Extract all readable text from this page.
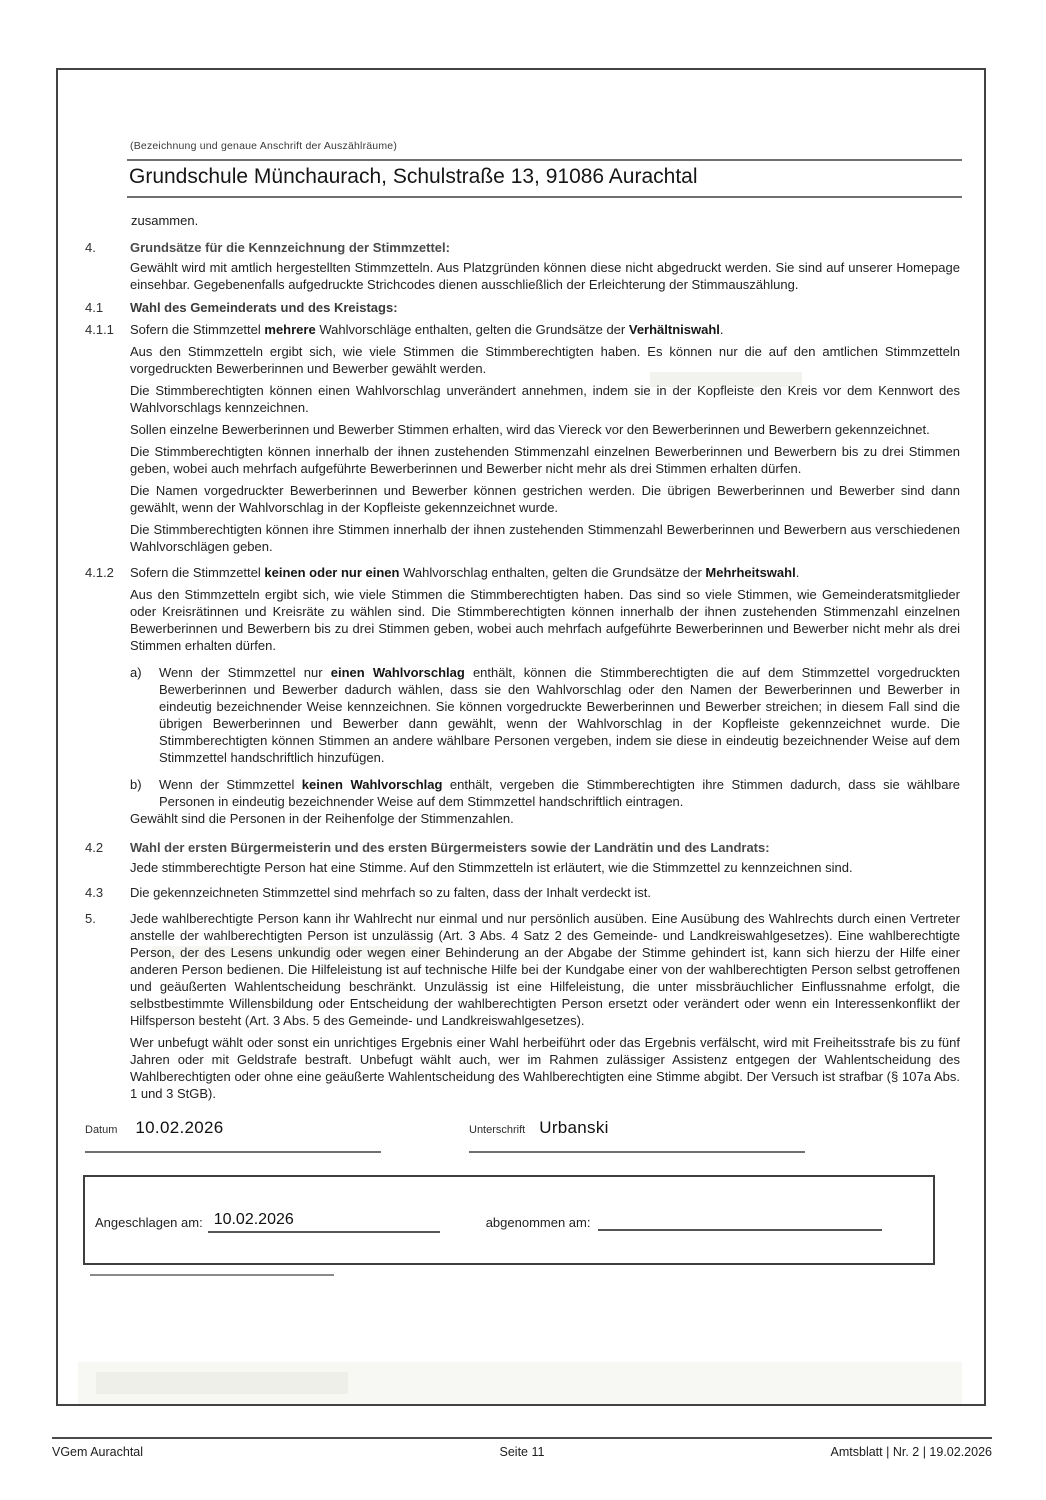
(Bezeichnung und genaue Anschrift der Auszählräume)
Grundschule Münchaurach, Schulstraße 13, 91086 Aurachtal
zusammen.
4.	Grundsätze für die Kennzeichnung der Stimmzettel:

Gewählt wird mit amtlich hergestellten Stimmzetteln. Aus Platzgründen können diese nicht abgedruckt werden. Sie sind auf unserer Homepage einsehbar. Gegebenenfalls aufgedruckte Strichcodes dienen ausschließlich der Erleichterung der Stimmauszählung.

4.1	Wahl des Gemeinderats und des Kreistags:
4.1.1	Sofern die Stimmzettel mehrere Wahlvorschläge enthalten, gelten die Grundsätze der Verhältniswahl.

Aus den Stimmzetteln ergibt sich, wie viele Stimmen die Stimmberechtigten haben. Es können nur die auf den amtlichen Stimmzetteln vorgedruckten Bewerberinnen und Bewerber gewählt werden.

Die Stimmberechtigten können einen Wahlvorschlag unverändert annehmen, indem sie in der Kopfleiste den Kreis vor dem Kennwort des Wahlvorschlags kennzeichnen.

Sollen einzelne Bewerberinnen und Bewerber Stimmen erhalten, wird das Viereck vor den Bewerberinnen und Bewerbern gekennzeichnet.

Die Stimmberechtigten können innerhalb der ihnen zustehenden Stimmenzahl einzelnen Bewerberinnen und Bewerbern bis zu drei Stimmen geben, wobei auch mehrfach aufgeführte Bewerberinnen und Bewerber nicht mehr als drei Stimmen erhalten dürfen.

Die Namen vorgedruckter Bewerberinnen und Bewerber können gestrichen werden. Die übrigen Bewerberinnen und Bewerber sind dann gewählt, wenn der Wahlvorschlag in der Kopfleiste gekennzeichnet wurde.

Die Stimmberechtigten können ihre Stimmen innerhalb der ihnen zustehenden Stimmenzahl Bewerberinnen und Bewerbern aus verschiedenen Wahlvorschlägen geben.

4.1.2	Sofern die Stimmzettel keinen oder nur einen Wahlvorschlag enthalten, gelten die Grundsätze der Mehrheitswahl.

Aus den Stimmzetteln ergibt sich, wie viele Stimmen die Stimmberechtigten haben. Das sind so viele Stimmen, wie Gemeinderatsmitglieder oder Kreisrätinnen und Kreisräte zu wählen sind. Die Stimmberechtigten können innerhalb der ihnen zustehenden Stimmenzahl einzelnen Bewerberinnen und Bewerbern bis zu drei Stimmen geben, wobei auch mehrfach aufgeführte Bewerberinnen und Bewerber nicht mehr als drei Stimmen erhalten dürfen.

a)	Wenn der Stimmzettel nur einen Wahlvorschlag enthält, können die Stimmberechtigten die auf dem Stimmzettel vorgedruckten Bewerberinnen und Bewerber dadurch wählen, dass sie den Wahlvorschlag oder den Namen der Bewerberinnen und Bewerber in eindeutig bezeichnender Weise kennzeichnen. Sie können vorgedruckte Bewerberinnen und Bewerber streichen; in diesem Fall sind die übrigen Bewerberinnen und Bewerber dann gewählt, wenn der Wahlvorschlag in der Kopfleiste gekennzeichnet wurde. Die Stimmberechtigten können Stimmen an andere wählbare Personen vergeben, indem sie diese in eindeutig bezeichnender Weise auf dem Stimmzettel handschriftlich hinzufügen.

b)	Wenn der Stimmzettel keinen Wahlvorschlag enthält, vergeben die Stimmberechtigten ihre Stimmen dadurch, dass sie wählbare Personen in eindeutig bezeichnender Weise auf dem Stimmzettel handschriftlich eintragen.

Gewählt sind die Personen in der Reihenfolge der Stimmenzahlen.

4.2	Wahl der ersten Bürgermeisterin und des ersten Bürgermeisters sowie der Landrätin und des Landrats:

Jede stimmberechtigte Person hat eine Stimme. Auf den Stimmzetteln ist erläutert, wie die Stimmzettel zu kennzeichnen sind.

4.3	Die gekennzeichneten Stimmzettel sind mehrfach so zu falten, dass der Inhalt verdeckt ist.

5.	Jede wahlberechtigte Person kann ihr Wahlrecht nur einmal und nur persönlich ausüben. Eine Ausübung des Wahlrechts durch einen Vertreter anstelle der wahlberechtigten Person ist unzulässig (Art. 3 Abs. 4 Satz 2 des Gemeinde- und Landkreiswahlgesetzes). Eine wahlberechtigte Person, der des Lesens unkundig oder wegen einer Behinderung an der Abgabe der Stimme gehindert ist, kann sich hierzu der Hilfe einer anderen Person bedienen. Die Hilfeleistung ist auf technische Hilfe bei der Kundgabe einer von der wahlberechtigten Person selbst getroffenen und geäußerten Wahlentscheidung beschränkt. Unzulässig ist eine Hilfeleistung, die unter missbräuchlicher Einflussnahme erfolgt, die selbstbestimmte Willensbildung oder Entscheidung der wahlberechtigten Person ersetzt oder verändert oder wenn ein Interessenkonflikt der Hilfsperson besteht (Art. 3 Abs. 5 des Gemeinde- und Landkreiswahlgesetzes).

Wer unbefugt wählt oder sonst ein unrichtiges Ergebnis einer Wahl herbeiführt oder das Ergebnis verfälscht, wird mit Freiheitsstrafe bis zu fünf Jahren oder mit Geldstrafe bestraft. Unbefugt wählt auch, wer im Rahmen zulässiger Assistenz entgegen der Wahlentscheidung des Wahlberechtigten oder ohne eine geäußerte Wahlentscheidung des Wahlberechtigten eine Stimme abgibt. Der Versuch ist strafbar (§ 107a Abs. 1 und 3 StGB).

Datum 10.02.2026	Unterschrift Urbanski
Angeschlagen am: 10.02.2026	abgenommen am:
VGem Aurachtal	Seite 11	Amtsblatt | Nr. 2 | 19.02.2026
